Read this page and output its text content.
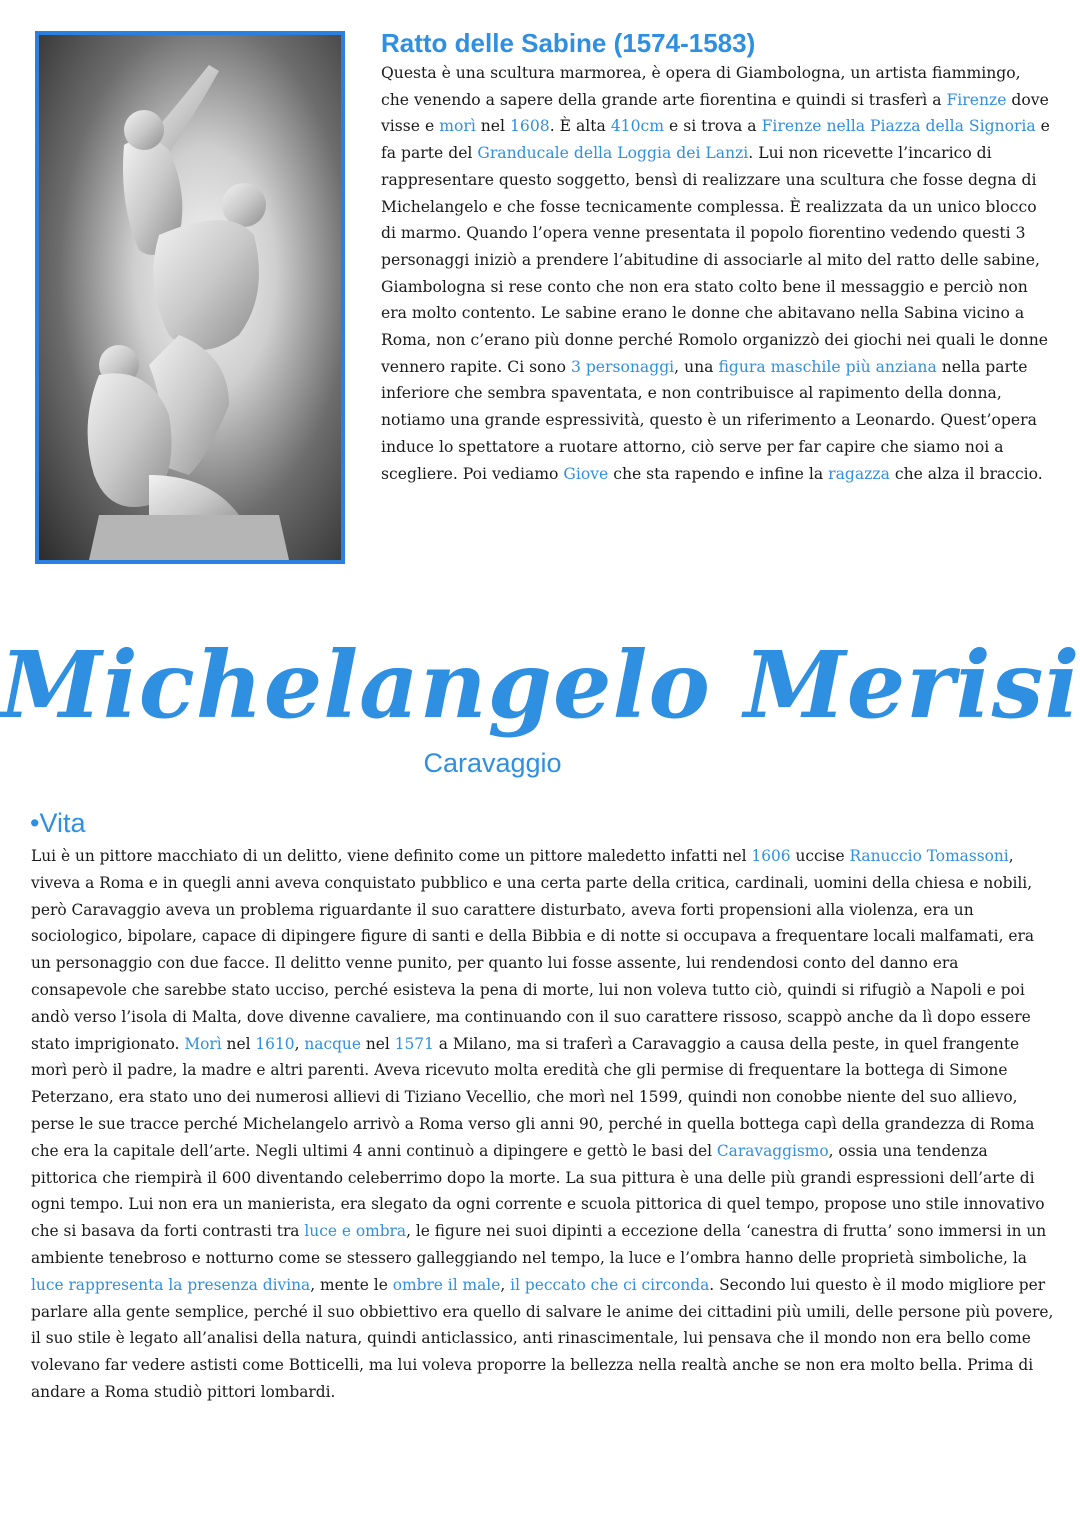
Ratto delle Sabine (1574-1583)

Questa è una scultura marmorea, è opera di Giambologna, un artista fiammingo, che venendo a sapere della grande arte fiorentina e quindi si trasferì a Firenze dove visse e morì nel 1608. È alta 410cm e si trova a Firenze nella Piazza della Signoria e fa parte del Granducale della Loggia dei Lanzi. Lui non ricevette l’incarico di rappresentare questo soggetto, bensì di realizzare una scultura che fosse degna di Michelangelo e che fosse tecnicamente complessa. È realizzata da un unico blocco di marmo. Quando l’opera venne presentata il popolo fiorentino vedendo questi 3 personaggi iniziò a prendere l’abitudine di associarle al mito del ratto delle sabine, Giambologna si rese conto che non era stato colto bene il messaggio e perciò non era molto contento. Le sabine erano le donne che abitavano nella Sabina vicino a Roma, non c’erano più donne perché Romolo organizzò dei giochi nei quali le donne vennero rapite. Ci sono 3 personaggi, una figura maschile più anziana nella parte inferiore che sembra spaventata, e non contribuisce al rapimento della donna, notiamo una grande espressività, questo è un riferimento a Leonardo. Quest’opera induce lo spettatore a ruotare attorno, ciò serve per far capire che siamo noi a scegliere. Poi vediamo Giove che sta rapendo e infine la ragazza che alza il braccio.

Michelangelo Merisi
Caravaggio
•Vita

Lui è un pittore macchiato di un delitto, viene definito come un pittore maledetto infatti nel 1606 uccise Ranuccio Tomassoni, viveva a Roma e in quegli anni aveva conquistato pubblico e una certa parte della critica, cardinali, uomini della chiesa e nobili, però Caravaggio aveva un problema riguardante il suo carattere disturbato, aveva forti propensioni alla violenza, era un sociologico, bipolare, capace di dipingere figure di santi e della Bibbia e di notte si occupava a frequentare locali malfamati, era un personaggio con due facce. Il delitto venne punito, per quanto lui fosse assente, lui rendendosi conto del danno era consapevole che sarebbe stato ucciso, perché esisteva la pena di morte, lui non voleva tutto ciò, quindi si rifugiò a Napoli e poi andò verso l’isola di Malta, dove divenne cavaliere, ma continuando con il suo carattere rissoso, scappò anche da lì dopo essere stato imprigionato. Morì nel 1610, nacque nel 1571 a Milano, ma si traferì a Caravaggio a causa della peste, in quel frangente morì però il padre, la madre e altri parenti. Aveva ricevuto molta eredità che gli permise di frequentare la bottega di Simone Peterzano, era stato uno dei numerosi allievi di Tiziano Vecellio, che morì nel 1599, quindi non conobbe niente del suo allievo, perse le sue tracce perché Michelangelo arrivò a Roma verso gli anni 90, perché in quella bottega capì della grandezza di Roma che era la capitale dell’arte. Negli ultimi 4 anni continuò a dipingere e gettò le basi del Caravaggismo, ossia una tendenza pittorica che riempirà il 600 diventando celeberrimo dopo la morte. La sua pittura è una delle più grandi espressioni dell’arte di ogni tempo. Lui non era un manierista, era slegato da ogni corrente e scuola pittorica di quel tempo, propose uno stile innovativo che si basava da forti contrasti tra luce e ombra, le figure nei suoi dipinti a eccezione della ‘canestra di frutta’ sono immersi in un ambiente tenebroso e notturno come se stessero galleggiando nel tempo, la luce e l’ombra hanno delle proprietà simboliche, la luce rappresenta la presenza divina, mente le ombre il male, il peccato che ci circonda. Secondo lui questo è il modo migliore per parlare alla gente semplice, perché il suo obbiettivo era quello di salvare le anime dei cittadini più umili, delle persone più povere, il suo stile è legato all’analisi della natura, quindi anticlassico, anti rinascimentale, lui pensava che il mondo non era bello come volevano far vedere astisti come Botticelli, ma lui voleva proporre la bellezza nella realtà anche se non era molto bella. Prima di andare a Roma studiò pittori lombardi.
